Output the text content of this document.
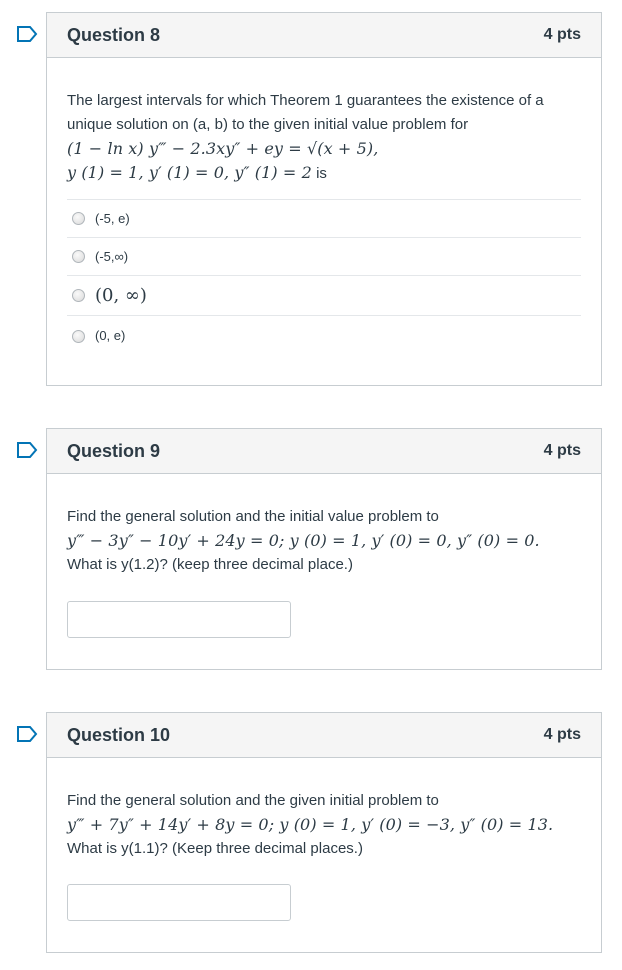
Question 8	4 pts

The largest intervals for which Theorem 1 guarantees the existence of a

unique solution on (a, b) to the given initial value problem for

(1 − ln x) y‴ − 2.3xy″ + ey = √(x + 5),

y (1) = 1, y′ (1) = 0, y″ (1) = 2 is

(-5, e)
(-5,∞)
(0, ∞)
(0, e)
Question 9	4 pts

Find the general solution and the initial value problem to

y‴ − 3y″ − 10y′ + 24y = 0; y (0) = 1, y′ (0) = 0, y″ (0) = 0.

What is y(1.2)? (keep three decimal place.)

Question 10	4 pts

Find the general solution and the given initial problem to

y‴ + 7y″ + 14y′ + 8y = 0; y (0) = 1, y′ (0) = −3, y″ (0) = 13.

What is y(1.1)? (Keep three decimal places.)
